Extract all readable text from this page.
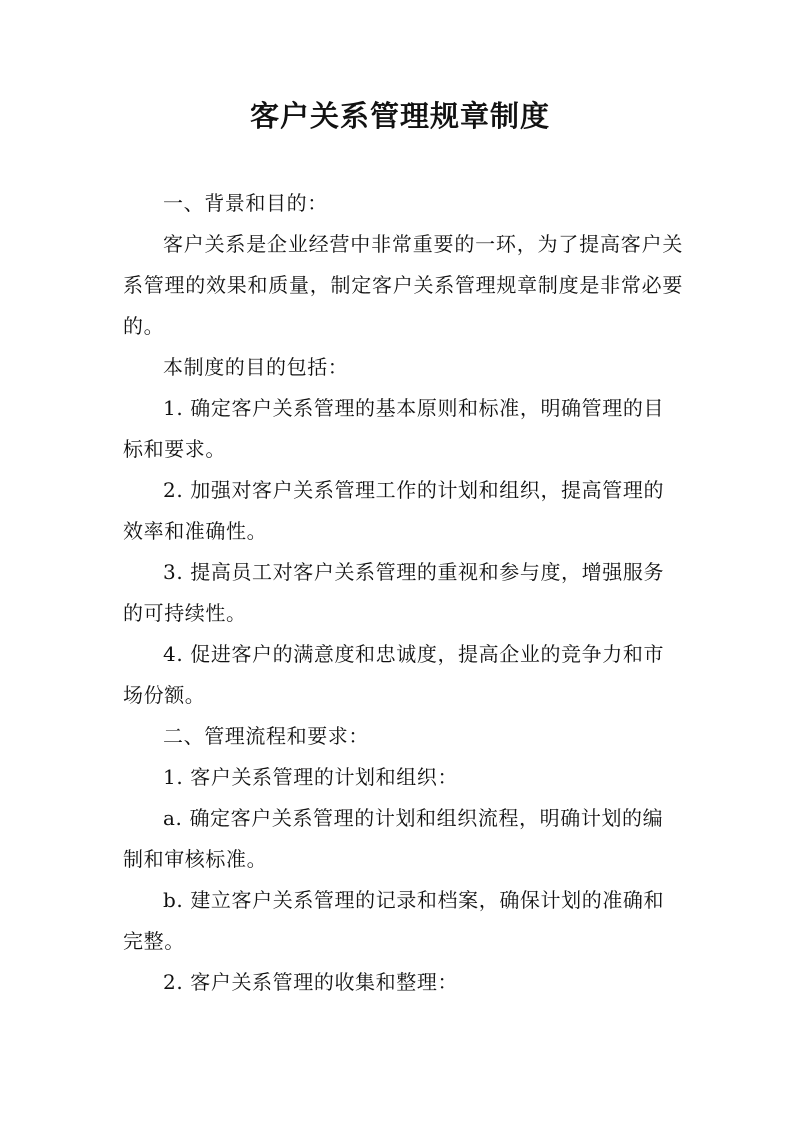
客户关系管理规章制度

一、背景和目的：

客户关系是企业经营中非常重要的一环，为了提高客户关系管理的效果和质量，制定客户关系管理规章制度是非常必要的。

本制度的目的包括：

1. 确定客户关系管理的基本原则和标准，明确管理的目标和要求。

2. 加强对客户关系管理工作的计划和组织，提高管理的效率和准确性。

3. 提高员工对客户关系管理的重视和参与度，增强服务的可持续性。

4. 促进客户的满意度和忠诚度，提高企业的竞争力和市场份额。

二、管理流程和要求：

1. 客户关系管理的计划和组织：

a. 确定客户关系管理的计划和组织流程，明确计划的编制和审核标准。

b. 建立客户关系管理的记录和档案，确保计划的准确和完整。

2. 客户关系管理的收集和整理：
